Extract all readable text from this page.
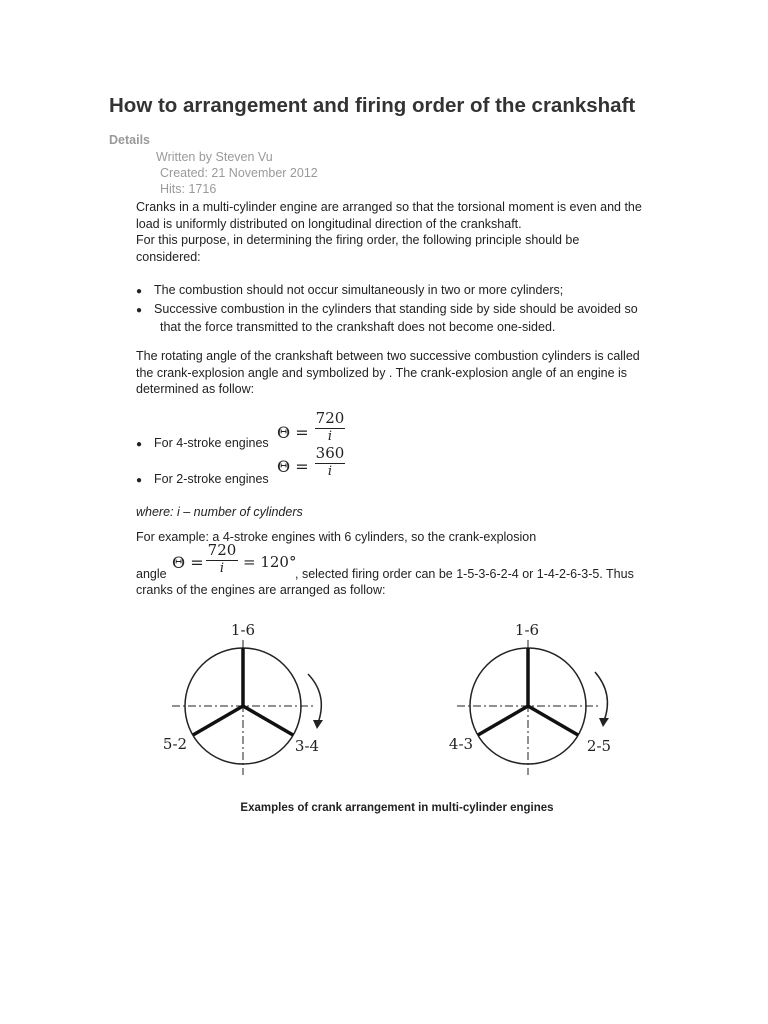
How to arrangement and firing order of the crankshaft
Details
Written by Steven Vu
Created: 21 November 2012
Hits: 1716
Cranks in a multi-cylinder engine are arranged so that the torsional moment is even and the
load is uniformly distributed on longitudinal direction of the crankshaft.
For this purpose, in determining the firing order, the following principle should be
considered:
● The combustion should not occur simultaneously in two or more cylinders;
● Successive combustion in the cylinders that standing side by side should be avoided so
that the force transmitted to the crankshaft does not become one-sided.
The rotating angle of the crankshaft between two successive combustion cylinders is called
the crank-explosion angle and symbolized by . The crank-explosion angle of an engine is
determined as follow:
● For 4-stroke engines
Θ =
720
i
● For 2-stroke engines
Θ =
360
i
where: i – number of cylinders
For example: a 4-stroke engines with 6 cylinders, so the crank-explosion
angle
Θ =
720
i	= 120°
, selected firing order can be 1-5-3-6-2-4 or 1-4-2-6-3-5. Thus
cranks of the engines are arranged as follow:
1-6
5-2	3-4
1-6
4-3	2-5
Examples of crank arrangement in multi-cylinder engines
